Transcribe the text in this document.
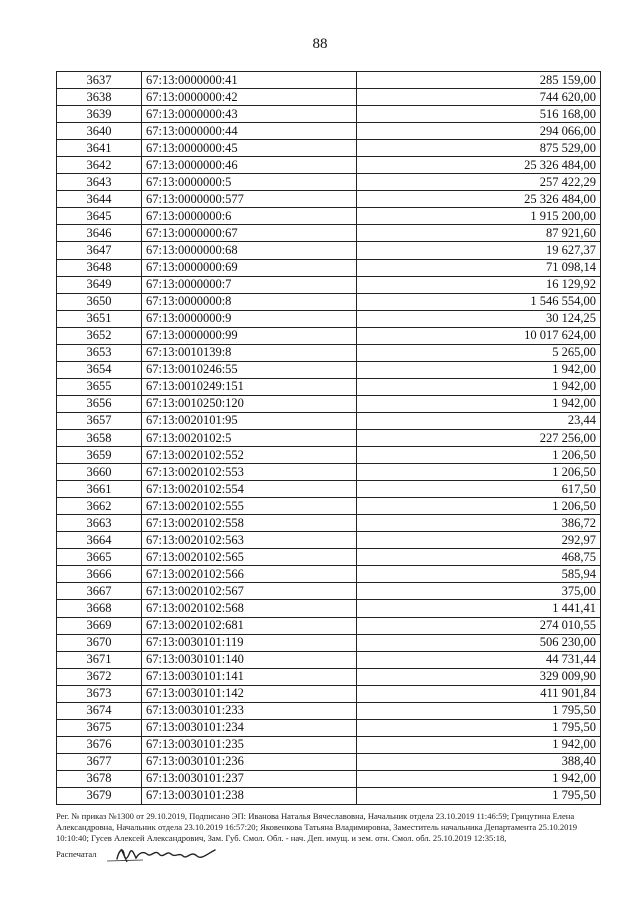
88
3637	67:13:0000000:41	285 159,00
3638	67:13:0000000:42	744 620,00
3639	67:13:0000000:43	516 168,00
3640	67:13:0000000:44	294 066,00
3641	67:13:0000000:45	875 529,00
3642	67:13:0000000:46	25 326 484,00
3643	67:13:0000000:5	257 422,29
3644	67:13:0000000:577	25 326 484,00
3645	67:13:0000000:6	1 915 200,00
3646	67:13:0000000:67	87 921,60
3647	67:13:0000000:68	19 627,37
3648	67:13:0000000:69	71 098,14
3649	67:13:0000000:7	16 129,92
3650	67:13:0000000:8	1 546 554,00
3651	67:13:0000000:9	30 124,25
3652	67:13:0000000:99	10 017 624,00
3653	67:13:0010139:8	5 265,00
3654	67:13:0010246:55	1 942,00
3655	67:13:0010249:151	1 942,00
3656	67:13:0010250:120	1 942,00
3657	67:13:0020101:95	23,44
3658	67:13:0020102:5	227 256,00
3659	67:13:0020102:552	1 206,50
3660	67:13:0020102:553	1 206,50
3661	67:13:0020102:554	617,50
3662	67:13:0020102:555	1 206,50
3663	67:13:0020102:558	386,72
3664	67:13:0020102:563	292,97
3665	67:13:0020102:565	468,75
3666	67:13:0020102:566	585,94
3667	67:13:0020102:567	375,00
3668	67:13:0020102:568	1 441,41
3669	67:13:0020102:681	274 010,55
3670	67:13:0030101:119	506 230,00
3671	67:13:0030101:140	44 731,44
3672	67:13:0030101:141	329 009,90
3673	67:13:0030101:142	411 901,84
3674	67:13:0030101:233	1 795,50
3675	67:13:0030101:234	1 795,50
3676	67:13:0030101:235	1 942,00
3677	67:13:0030101:236	388,40
3678	67:13:0030101:237	1 942,00
3679	67:13:0030101:238	1 795,50

Рег. № приказ №1300 от 29.10.2019, Подписано ЭП: Иванова Наталья Вячеславовна, Начальник отдела 23.10.2019 11:46:59; Грицутина Елена

Александровна, Начальник отдела 23.10.2019 16:57:20; Яковенкова Татьяна Владимировна, Заместитель начальника Департамента 25.10.2019

10:10:40; Гусев Алексей Александрович, Зам. Губ. Смол. Обл. - нач. Деп. имущ. и зем. отн. Смол. обл. 25.10.2019 12:35:18,

Распечатал
